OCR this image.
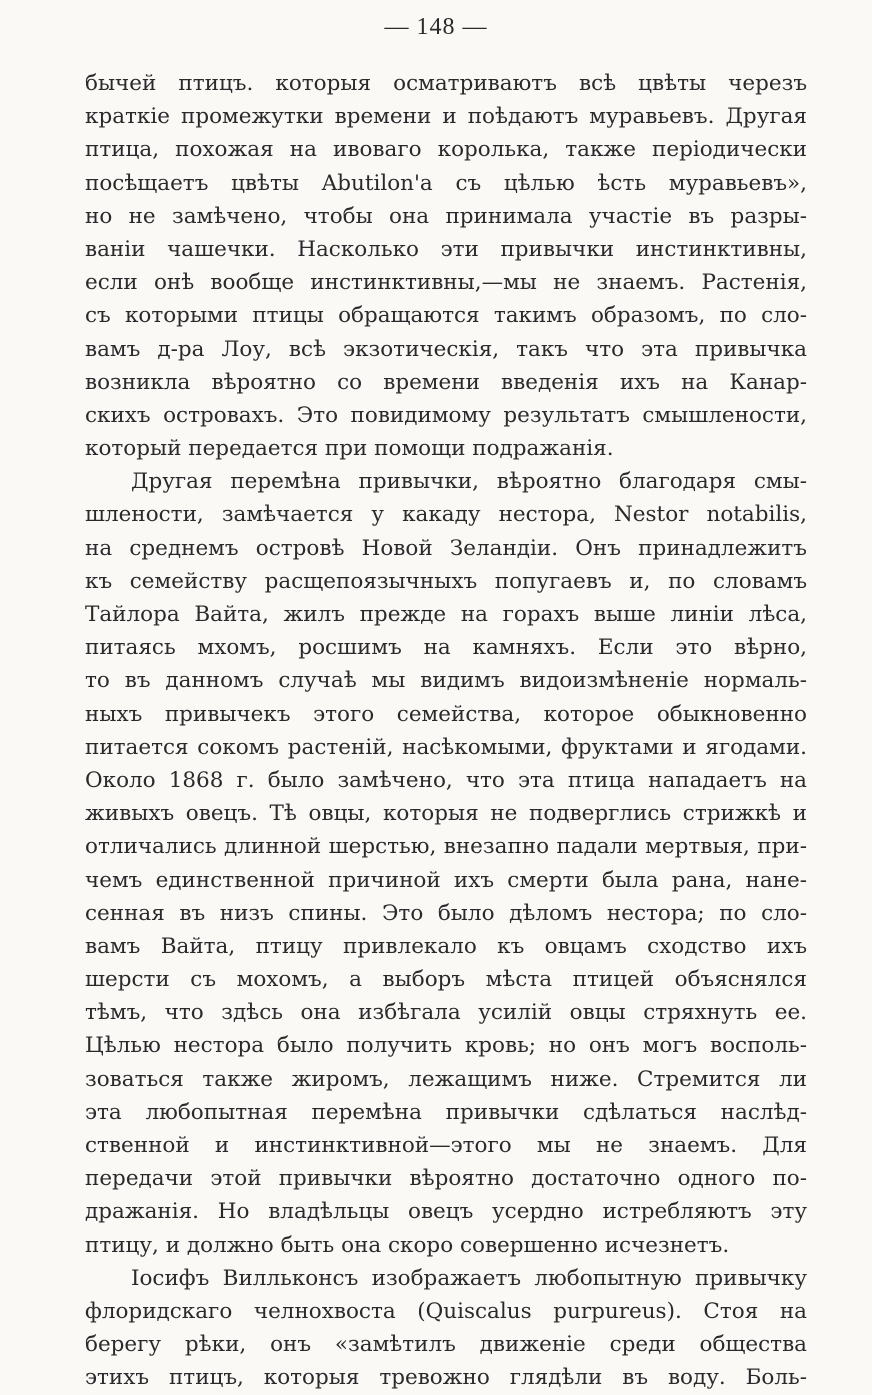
— 148 —
бычей птицъ. которыя осматриваютъ всѣ цвѣты черезъ
краткіе промежутки времени и поѣдаютъ муравьевъ. Другая
птица, похожая на ивоваго королька, также періодически
посѣщаетъ цвѣты Abutilon'а съ цѣлью ѣсть муравьевъ»,
но не замѣчено, чтобы она принимала участіе въ разры-
ваніи чашечки. Насколько эти привычки инстинктивны,
если онѣ вообще инстинктивны,—мы не знаемъ. Растенія,
съ которыми птицы обращаются такимъ образомъ, по сло-
вамъ д-ра Лоу, всѣ экзотическія, такъ что эта привычка
возникла вѣроятно со времени введенія ихъ на Канар-
скихъ островахъ. Это повидимому результатъ смышлености,
который передается при помощи подражанія.
Другая перемѣна привычки, вѣроятно благодаря смы-
шлености, замѣчается у какаду нестора, Nestor notabilis,
на среднемъ островѣ Новой Зеландіи. Онъ принадлежитъ
къ семейству расщепоязычныхъ попугаевъ и, по словамъ
Тайлора Вайта, жилъ прежде на горахъ выше линіи лѣса,
питаясь мхомъ, росшимъ на камняхъ. Если это вѣрно,
то въ данномъ случаѣ мы видимъ видоизмѣненіе нормаль-
ныхъ привычекъ этого семейства, которое обыкновенно
питается сокомъ растеній, насѣкомыми, фруктами и ягодами.
Около 1868 г. было замѣчено, что эта птица нападаетъ на
живыхъ овецъ. Тѣ овцы, которыя не подверглись стрижкѣ и
отличались длинной шерстью, внезапно падали мертвыя, при-
чемъ единственной причиной ихъ смерти была рана, нане-
сенная въ низъ спины. Это было дѣломъ нестора; по сло-
вамъ Вайта, птицу привлекало къ овцамъ сходство ихъ
шерсти съ мохомъ, а выборъ мѣста птицей объяснялся
тѣмъ, что здѣсь она избѣгала усилій овцы стряхнуть ее.
Цѣлью нестора было получить кровь; но онъ могъ восполь-
зоваться также жиромъ, лежащимъ ниже. Стремится ли
эта любопытная перемѣна привычки сдѣлаться наслѣд-
ственной и инстинктивной—этого мы не знаемъ. Для
передачи этой привычки вѣроятно достаточно одного по-
дражанія. Но владѣльцы овецъ усердно истребляютъ эту
птицу, и должно быть она скоро совершенно исчезнетъ.
Іосифъ Вилльконсъ изображаетъ любопытную привычку
флоридскаго челнохвоста (Quiscalus purpureus). Стоя на
берегу рѣки, онъ «замѣтилъ движеніе среди общества
этихъ птицъ, которыя тревожно глядѣли въ воду. Боль-
